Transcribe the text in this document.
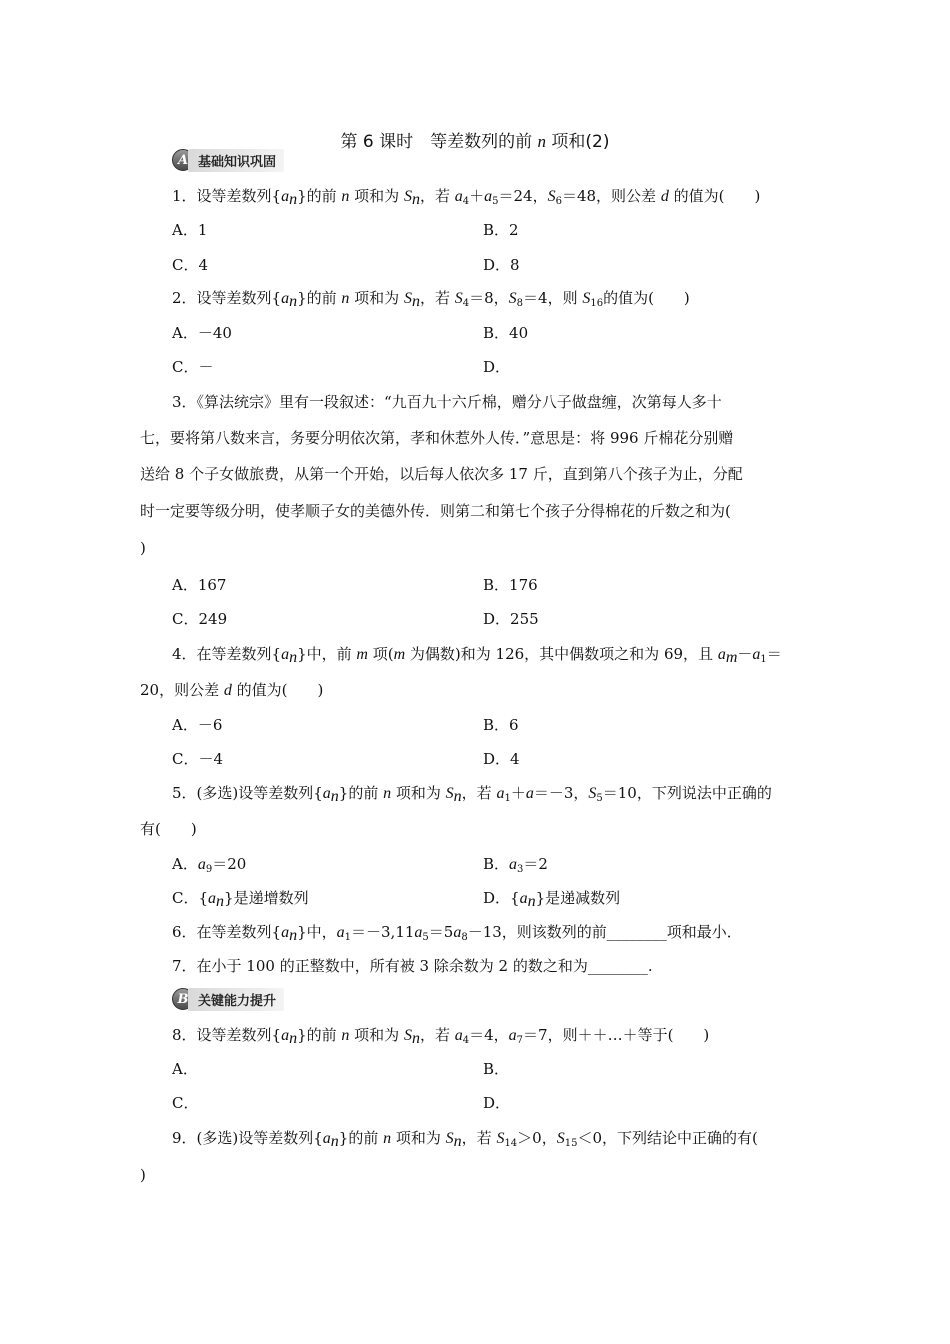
第 6 课时　等差数列的前 n 项和(2)
A 基础知识巩固
1．设等差数列$\{a_n\}$的前 n 项和为 $S_n$，若 $a_4+a_5=24$，$S_6=48$，则公差 d 的值为(　　)
A．1	B．2
C．4	D．8
2．设等差数列$\{a_n\}$的前 n 项和为 $S_n$，若 $S_4=8$，$S_8=4$，则 $S_{16}$的值为(　　)
A．－40	B．40
C．－	D．
3．《算法统宗》里有一段叙述：“九百九十六斤棉，赠分八子做盘缠，次第每人多十
七，要将第八数来言，务要分明依次第，孝和休惹外人传．”意思是：将 996 斤棉花分别赠
送给 8 个子女做旅费，从第一个开始，以后每人依次多 17 斤，直到第八个孩子为止，分配
时一定要等级分明，使孝顺子女的美德外传．则第二和第七个孩子分得棉花的斤数之和为(
)
A．167	B．176
C．249	D．255
4．在等差数列$\{a_n\}$中，前 m 项(m 为偶数)和为 126，其中偶数项之和为 69，且 $a_m-a_1=$
20，则公差 d 的值为(　　)
A．－6	B．6
C．－4	D．4
5．(多选)设等差数列$\{a_n\}$的前 n 项和为 $S_n$，若 $a_1+a=-3$，$S_5=10$，下列说法中正确的
有(　　)
A．$a_9=20$	B．$a_3=2$
C．$\{a_n\}$是递增数列	D．$\{a_n\}$是递减数列
6．在等差数列$\{a_n\}$中，$a_1=-3,11a_5=5a_8-13$，则该数列的前________项和最小．
7．在小于 100 的正整数中，所有被 3 除余数为 2 的数之和为________.
B 关键能力提升
8．设等差数列$\{a_n\}$的前 n 项和为 $S_n$，若 $a_4=4$，$a_7=7$，则＋＋…＋等于(　　)
A．	B．
C．	D．
9．(多选)设等差数列$\{a_n\}$的前 n 项和为 $S_n$，若 $S_{14}>0$，$S_{15}<0$，下列结论中正确的有(
)
